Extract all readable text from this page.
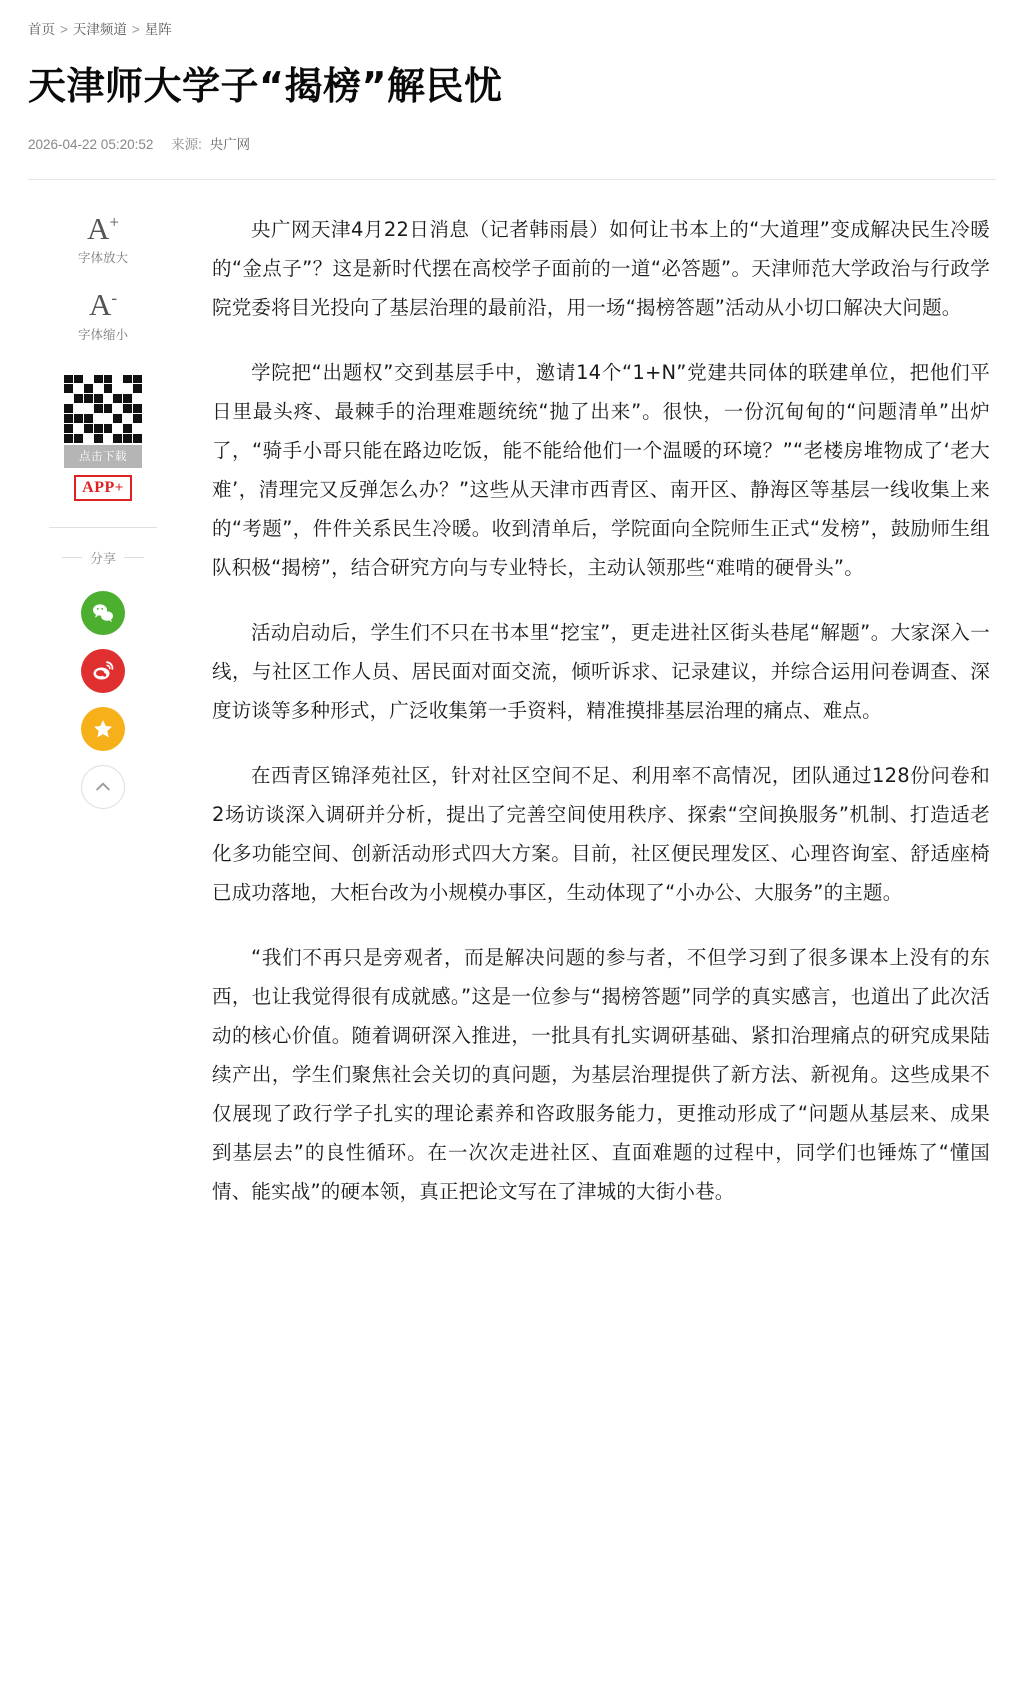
首页 > 天津频道 > 星阵
天津师大学子“揭榜”解民忧
2026-04-22 05:20:52 来源: 央广网
A+
字体放大
A-
字体缩小
点击下载
APP+
分享

央广网天津4月22日消息（记者韩雨晨）如何让书本上的“大道理”变成解决民生冷暖的“金点子”？这是新时代摆在高校学子面前的一道“必答题”。天津师范大学政治与行政学院党委将目光投向了基层治理的最前沿，用一场“揭榜答题”活动从小切口解决大问题。

学院把“出题权”交到基层手中，邀请14个“1+N”党建共同体的联建单位，把他们平日里最头疼、最棘手的治理难题统统“抛了出来”。很快，一份沉甸甸的“问题清单”出炉了，“骑手小哥只能在路边吃饭，能不能给他们一个温暖的环境？”“老楼房堆物成了‘老大难’，清理完又反弹怎么办？”这些从天津市西青区、南开区、静海区等基层一线收集上来的“考题”，件件关系民生冷暖。收到清单后，学院面向全院师生正式“发榜”，鼓励师生组队积极“揭榜”，结合研究方向与专业特长，主动认领那些“难啃的硬骨头”。

活动启动后，学生们不只在书本里“挖宝”，更走进社区街头巷尾“解题”。大家深入一线，与社区工作人员、居民面对面交流，倾听诉求、记录建议，并综合运用问卷调查、深度访谈等多种形式，广泛收集第一手资料，精准摸排基层治理的痛点、难点。

在西青区锦泽苑社区，针对社区空间不足、利用率不高情况，团队通过128份问卷和2场访谈深入调研并分析，提出了完善空间使用秩序、探索“空间换服务”机制、打造适老化多功能空间、创新活动形式四大方案。目前，社区便民理发区、心理咨询室、舒适座椅已成功落地，大柜台改为小规模办事区，生动体现了“小办公、大服务”的主题。

“我们不再只是旁观者，而是解决问题的参与者，不但学习到了很多课本上没有的东西，也让我觉得很有成就感。”这是一位参与“揭榜答题”同学的真实感言，也道出了此次活动的核心价值。随着调研深入推进，一批具有扎实调研基础、紧扣治理痛点的研究成果陆续产出，学生们聚焦社会关切的真问题，为基层治理提供了新方法、新视角。这些成果不仅展现了政行学子扎实的理论素养和咨政服务能力，更推动形成了“问题从基层来、成果到基层去”的良性循环。在一次次走进社区、直面难题的过程中，同学们也锤炼了“懂国情、能实战”的硬本领，真正把论文写在了津城的大街小巷。
